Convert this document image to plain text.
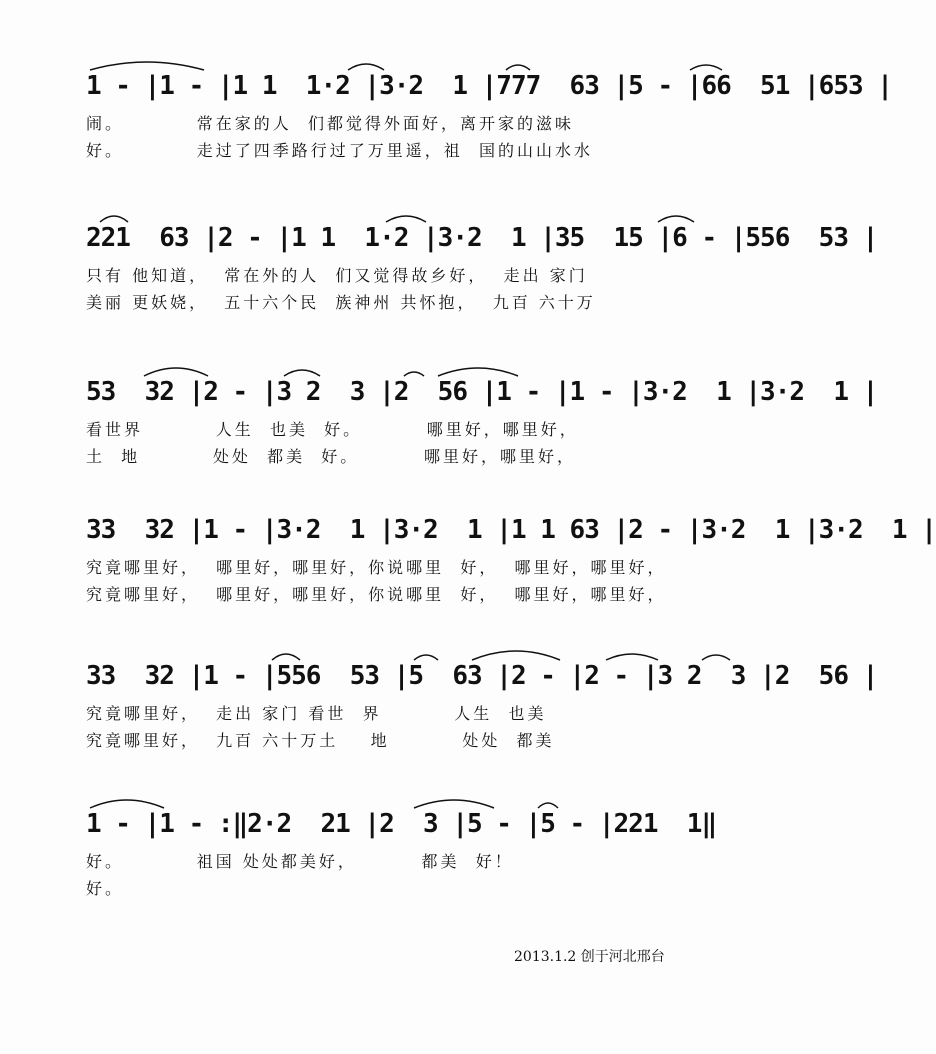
1 - |1 - |1 1  1·2 |3·2  1 |777  63 |5 - |66  51 |653 |
闹。         常在家的人  们都觉得外面好，离开家的滋味
好。         走过了四季路行过了万里遥，祖  国的山山水水
221  63 |2 - |1 1  1·2 |3·2  1 |35  15 |6 - |556  53 |
只有 他知道，  常在外的人  们又觉得故乡好，  走出 家门
美丽 更妖娆，  五十六个民  族神州 共怀抱，  九百 六十万
53  32 |2 - |3 2  3 |2  56 |1 - |1 - |3·2  1 |3·2  1 |
看世界         人生  也美  好。        哪里好，哪里好，
土  地         处处  都美  好。        哪里好，哪里好，
33  32 |1 - |3·2  1 |3·2  1 |1 1 63 |2 - |3·2  1 |3·2  1 |
究竟哪里好，  哪里好，哪里好，你说哪里  好，  哪里好，哪里好，
究竟哪里好，  哪里好，哪里好，你说哪里  好，  哪里好，哪里好，
33  32 |1 - |556  53 |5  63 |2 - |2 - |3 2  3 |2  56 |
究竟哪里好，  走出 家门 看世  界         人生  也美
究竟哪里好，  九百 六十万土    地         处处  都美
1 - |1 - :‖2·2  21 |2  3 |5 - |5 - |221  1‖
好。         祖国 处处都美好，        都美  好！
好。
2013.1.2 创于河北邢台
